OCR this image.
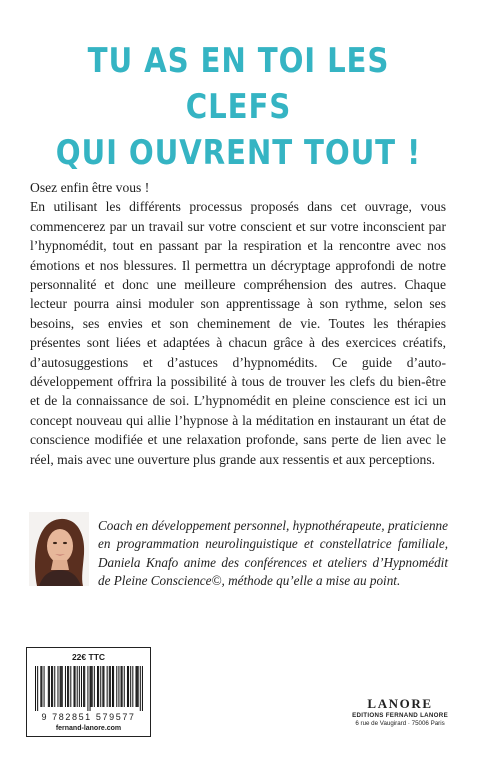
TU AS EN TOI LES CLEFS
QUI OUVRENT TOUT !

Osez enfin être vous !

En utilisant les différents processus proposés dans cet ouvrage, vous commencerez par un travail sur votre conscient et sur votre inconscient par l’hypnomédit, tout en passant par la respiration et la rencontre avec nos émotions et nos blessures. Il permettra un décryptage approfondi de notre personnalité et donc une meilleure compréhension des autres. Chaque lecteur pourra ainsi moduler son apprentissage à son rythme, selon ses besoins, ses envies et son cheminement de vie. Toutes les thérapies présentes sont liées et adaptées à chacun grâce à des exercices créatifs, d’autosuggestions et d’astuces d’hypnomédits. Ce guide d’auto-développement offrira la possibilité à tous de trouver les clefs du bien-être et de la connaissance de soi. L’hypnomédit en pleine conscience est ici un concept nouveau qui allie l’hypnose à la méditation en instaurant un état de conscience modifiée et une relaxation profonde, sans perte de lien avec le réel, mais avec une ouverture plus grande aux ressentis et aux perceptions.

Coach en développement personnel, hypnothérapeute, praticienne en programmation neurolinguistique et constellatrice familiale, Daniela Knafo anime des conférences et ateliers d’Hypnomédit de Pleine Conscience©, méthode qu’elle a mise au point.
22€ TTC
9 782851 579577
fernand-lanore.com
LANORE
EDITIONS FERNAND LANORE
6 rue de Vaugirard · 75006 Paris
